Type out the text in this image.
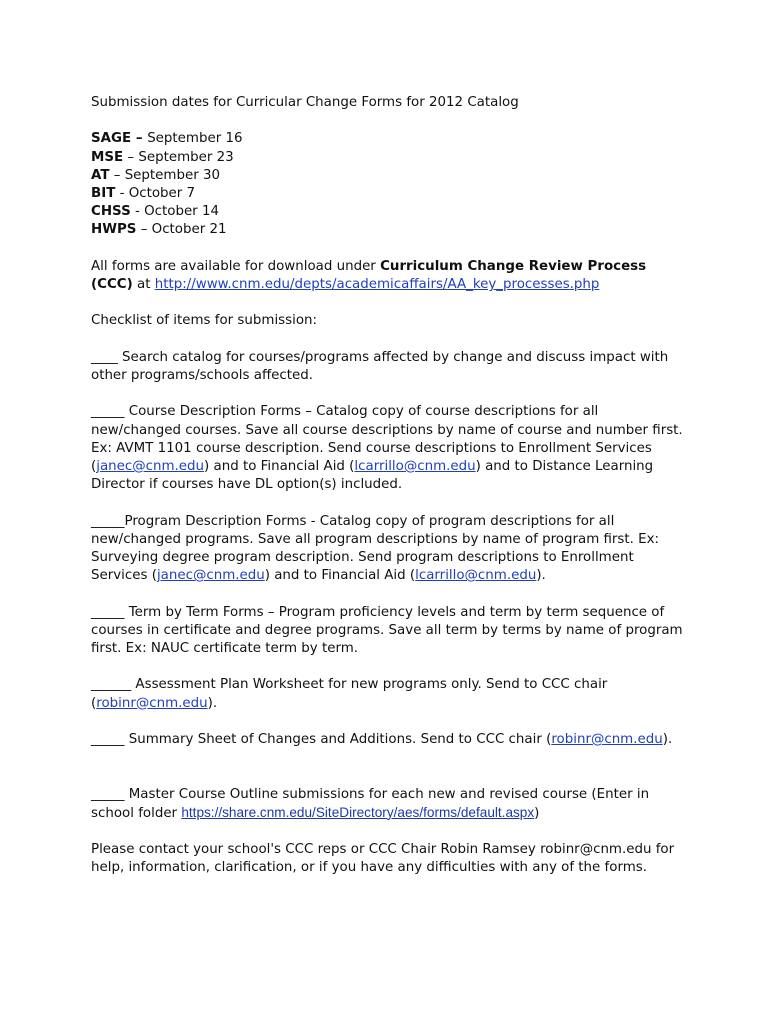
Submission dates for Curricular Change Forms for 2012 Catalog

SAGE – September 16
MSE – September 23
AT – September 30
BIT - October 7
CHSS - October 14
HWPS – October 21

All forms are available for download under Curriculum Change Review Process
(CCC) at http://www.cnm.edu/depts/academicaffairs/AA_key_processes.php

Checklist of items for submission:

____ Search catalog for courses/programs affected by change and discuss impact with other programs/schools affected.

_____ Course Description Forms – Catalog copy of course descriptions for all new/changed courses. Save all course descriptions by name of course and number first. Ex: AVMT 1101 course description. Send course descriptions to Enrollment Services (janec@cnm.edu) and to Financial Aid (lcarrillo@cnm.edu) and to Distance Learning Director if courses have DL option(s) included.

_____Program Description Forms - Catalog copy of program descriptions for all new/changed programs. Save all program descriptions by name of program first. Ex: Surveying degree program description. Send program descriptions to Enrollment Services (janec@cnm.edu) and to Financial Aid (lcarrillo@cnm.edu).

_____ Term by Term Forms – Program proficiency levels and term by term sequence of courses in certificate and degree programs. Save all term by terms by name of program first. Ex: NAUC certificate term by term.

______ Assessment Plan Worksheet for new programs only. Send to CCC chair (robinr@cnm.edu).

_____ Summary Sheet of Changes and Additions. Send to CCC chair (robinr@cnm.edu).

_____ Master Course Outline submissions for each new and revised course (Enter in school folder https://share.cnm.edu/SiteDirectory/aes/forms/default.aspx)

Please contact your school's CCC reps or CCC Chair Robin Ramsey robinr@cnm.edu for help, information, clarification, or if you have any difficulties with any of the forms.
